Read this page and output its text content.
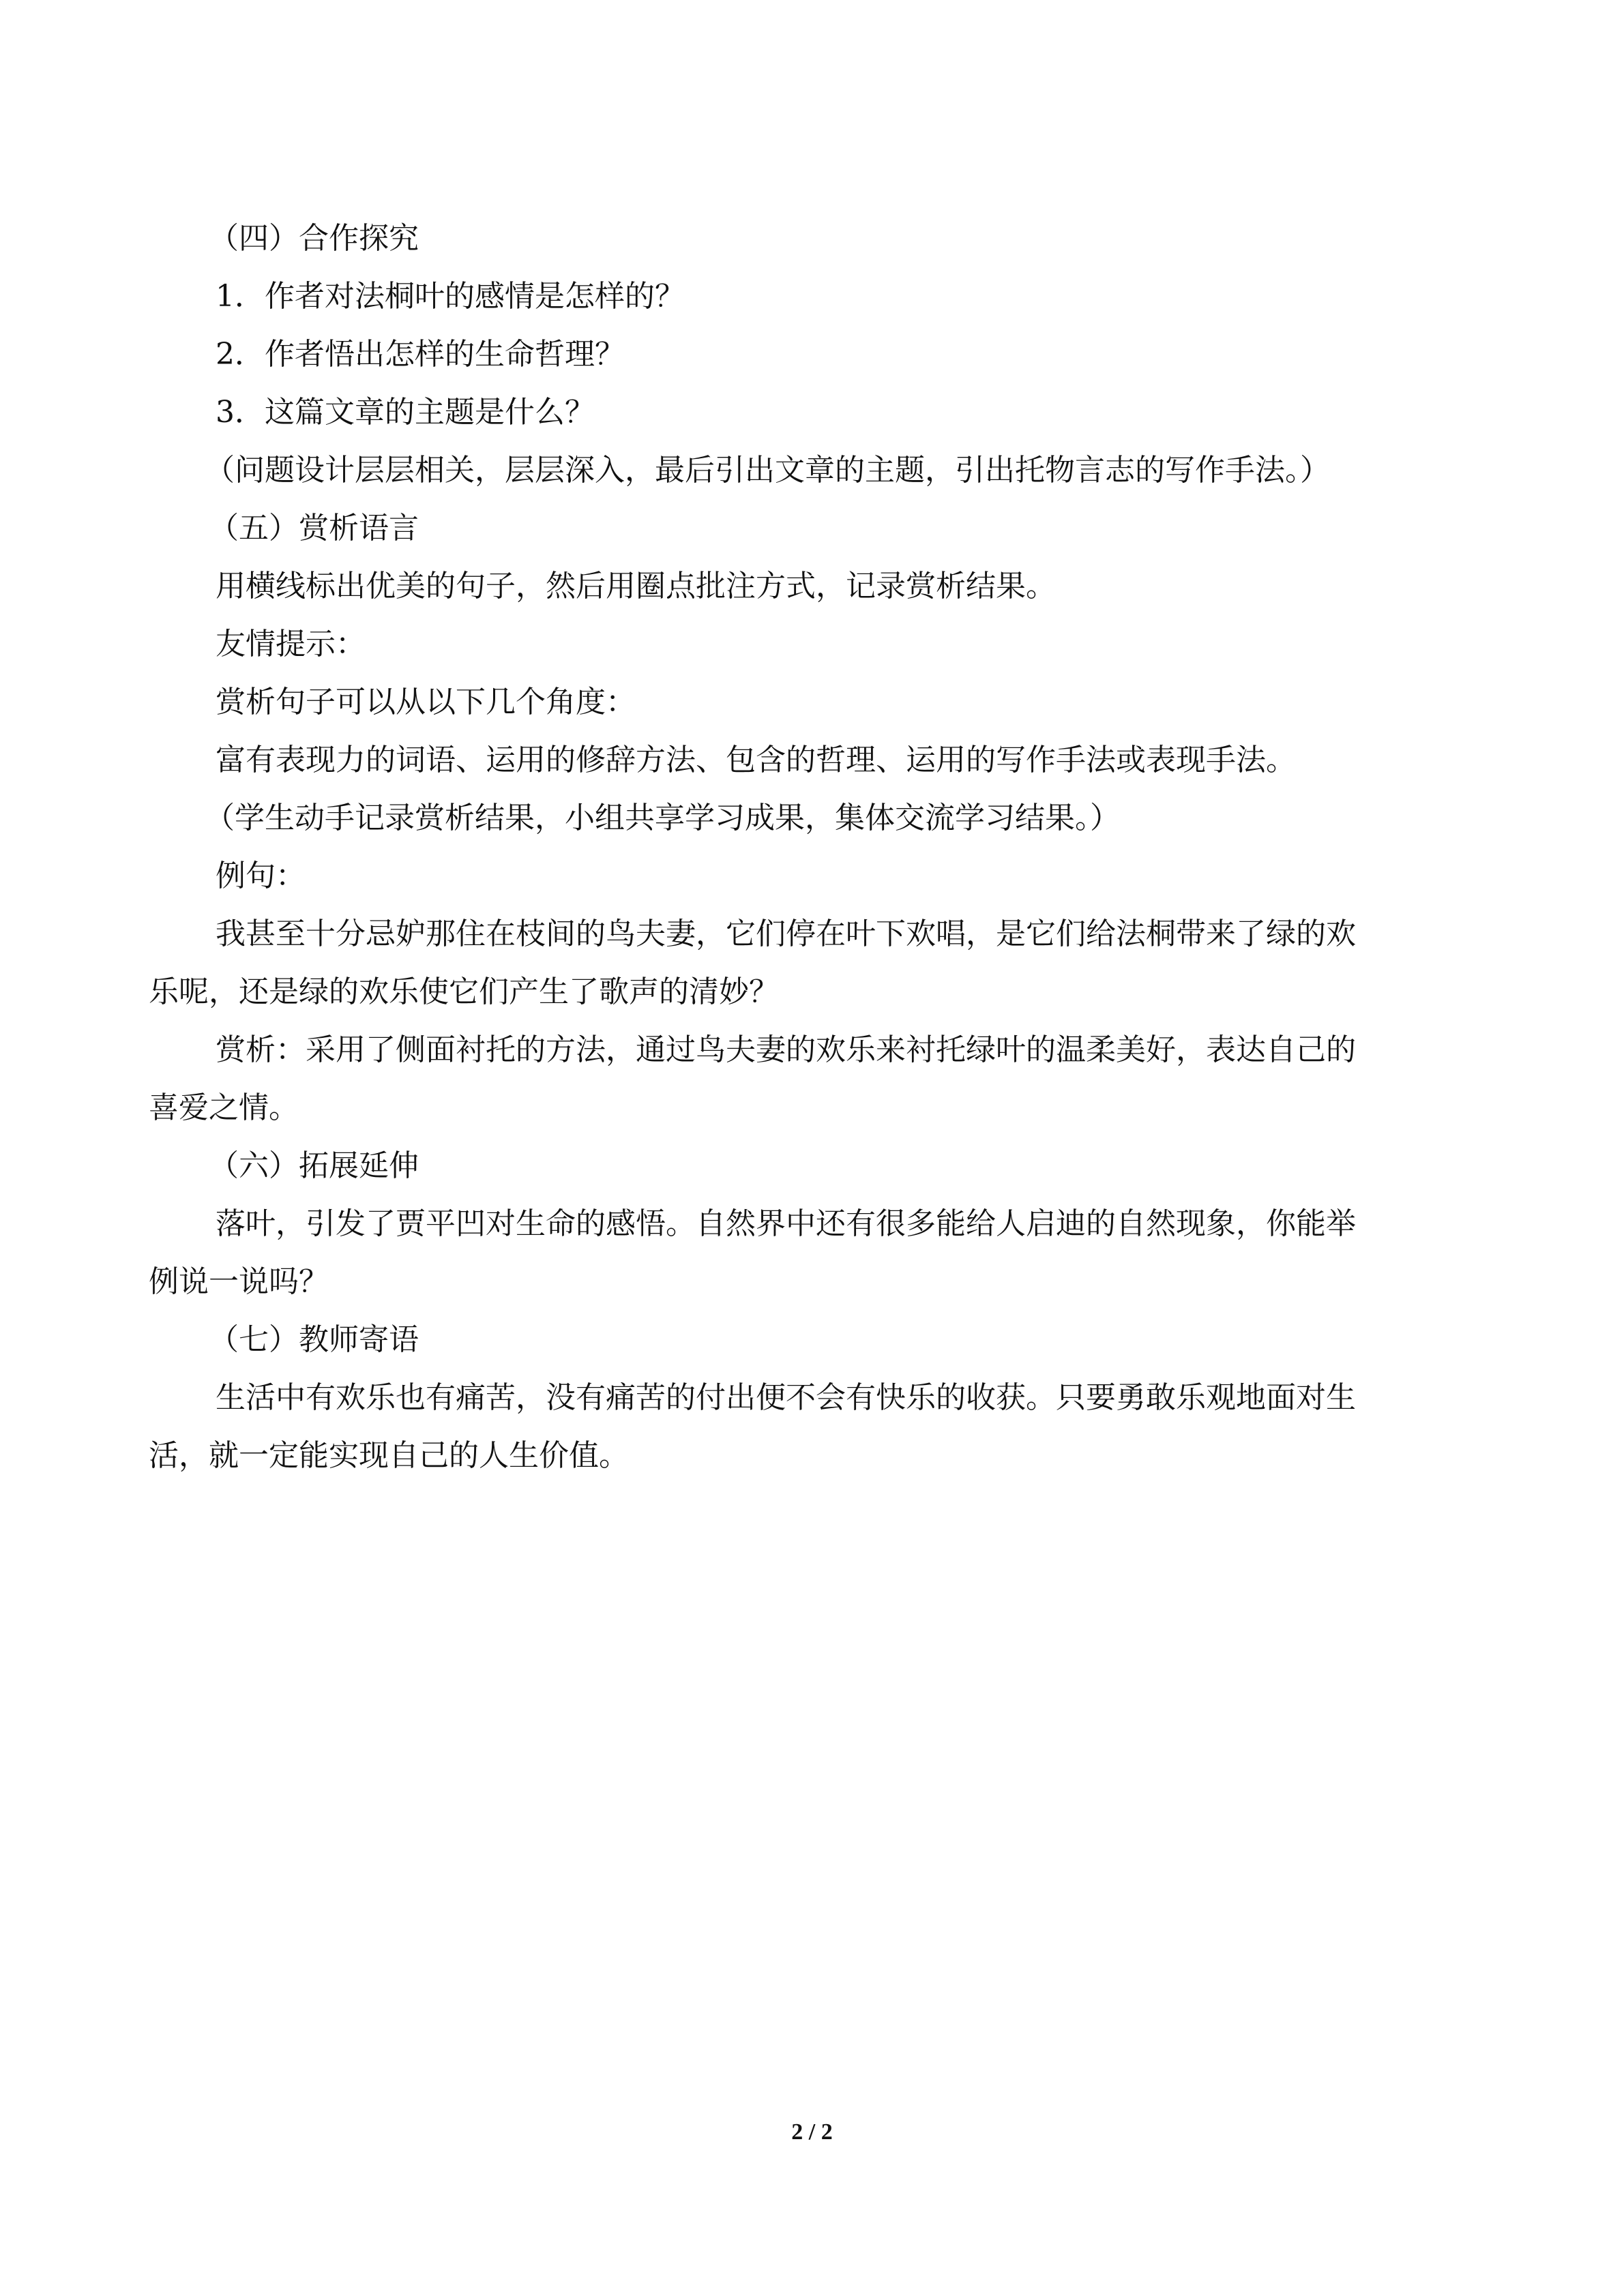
（四）合作探究
1．作者对法桐叶的感情是怎样的？
2．作者悟出怎样的生命哲理？
3．这篇文章的主题是什么？
（问题设计层层相关，层层深入，最后引出文章的主题，引出托物言志的写作手法。）
（五）赏析语言
用横线标出优美的句子，然后用圈点批注方式，记录赏析结果。
友情提示：
赏析句子可以从以下几个角度：
富有表现力的词语、运用的修辞方法、包含的哲理、运用的写作手法或表现手法。
（学生动手记录赏析结果，小组共享学习成果，集体交流学习结果。）
例句：
我甚至十分忌妒那住在枝间的鸟夫妻，它们停在叶下欢唱，是它们给法桐带来了绿的欢
乐呢，还是绿的欢乐使它们产生了歌声的清妙？
赏析：采用了侧面衬托的方法，通过鸟夫妻的欢乐来衬托绿叶的温柔美好，表达自己的
喜爱之情。
（六）拓展延伸
落叶，引发了贾平凹对生命的感悟。自然界中还有很多能给人启迪的自然现象，你能举
例说一说吗？
（七）教师寄语
生活中有欢乐也有痛苦，没有痛苦的付出便不会有快乐的收获。只要勇敢乐观地面对生
活，就一定能实现自己的人生价值。
2 / 2
